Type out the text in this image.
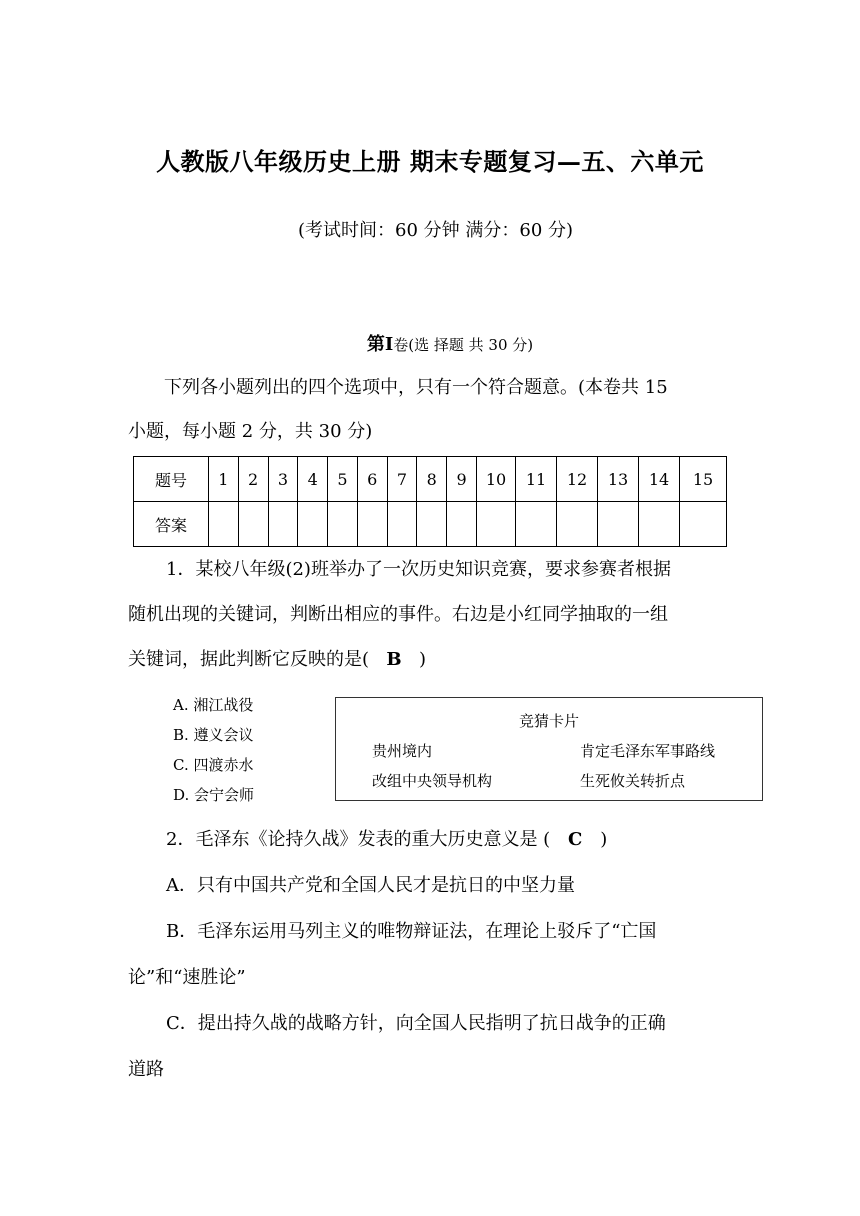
人教版八年级历史上册 期末专题复习—五、六单元
(考试时间：60 分钟 满分：60 分)
第Ⅰ卷(选 择题 共 30 分)
下列各小题列出的四个选项中，只有一个符合题意。(本卷共 15
小题，每小题 2 分，共 30 分)
题号	1	2	3	4	5	6	7	8	9	10	11	12	13	14	15
答案															
1．某校八年级(2)班举办了一次历史知识竞赛，要求参赛者根据
随机出现的关键词，判断出相应的事件。右边是小红同学抽取的一组
关键词，据此判断它反映的是( B )
A. 湘江战役
B. 遵义会议
C. 四渡赤水
D. 会宁会师
竞猜卡片
贵州境内	肯定毛泽东军事路线
改组中央领导机构	生死攸关转折点
2．毛泽东《论持久战》发表的重大历史意义是 ( C )
A．只有中国共产党和全国人民才是抗日的中坚力量
B．毛泽东运用马列主义的唯物辩证法，在理论上驳斥了“亡国
论”和“速胜论”
C．提出持久战的战略方针，向全国人民指明了抗日战争的正确
道路
